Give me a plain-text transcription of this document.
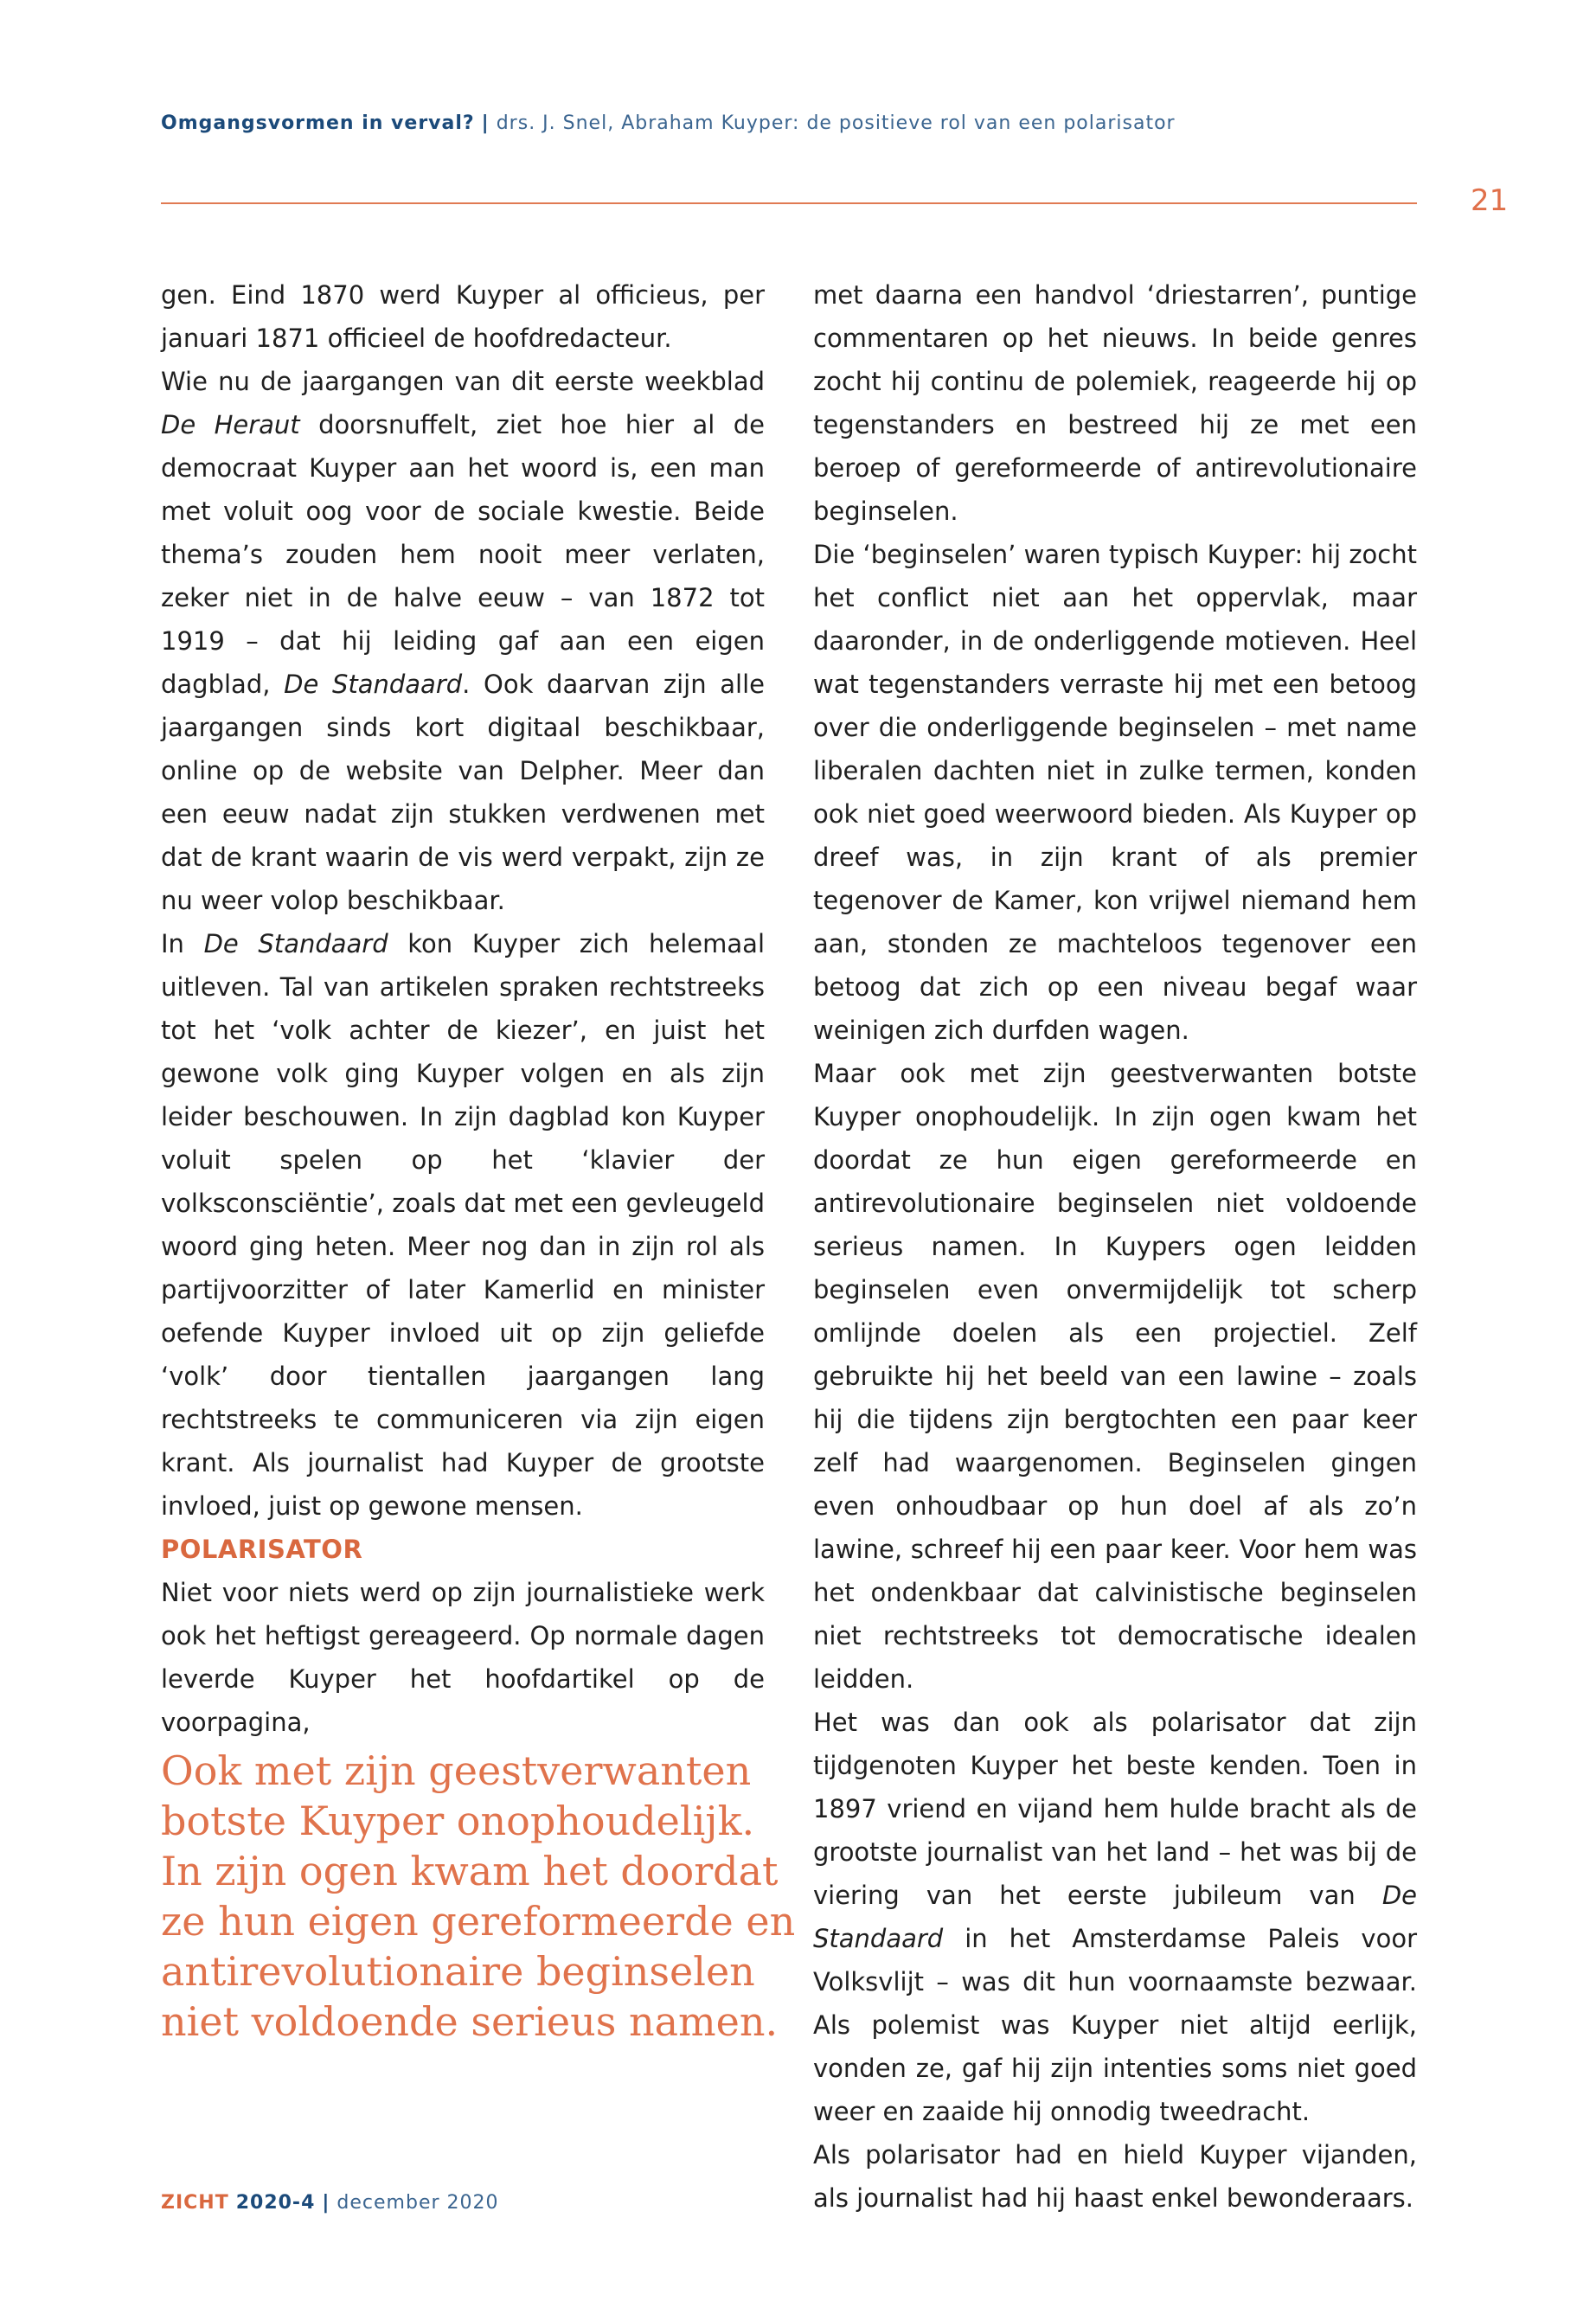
Omgangsvormen in verval? | drs. J. Snel, Abraham Kuyper: de positieve rol van een polarisator
21

gen. Eind 1870 werd Kuyper al officieus, per januari 1871 officieel de hoofdredacteur.

Wie nu de jaargangen van dit eerste weekblad De Heraut doorsnuffelt, ziet hoe hier al de democraat Kuyper aan het woord is, een man met voluit oog voor de sociale kwestie. Beide thema’s zouden hem nooit meer verlaten, zeker niet in de halve eeuw – van 1872 tot 1919 – dat hij leiding gaf aan een eigen dagblad, De Standaard. Ook daarvan zijn alle jaargangen sinds kort digitaal beschikbaar, online op de website van Delpher. Meer dan een eeuw nadat zijn stukken verdwenen met dat de krant waarin de vis werd verpakt, zijn ze nu weer volop beschikbaar.

In De Standaard kon Kuyper zich helemaal uitleven. Tal van artikelen spraken rechtstreeks tot het ‘volk achter de kiezer’, en juist het gewone volk ging Kuyper volgen en als zijn leider beschouwen. In zijn dagblad kon Kuyper voluit spelen op het ‘klavier der volksconsciëntie’, zoals dat met een gevleugeld woord ging heten. Meer nog dan in zijn rol als partijvoorzitter of later Kamerlid en minister oefende Kuyper invloed uit op zijn geliefde ‘volk’ door tientallen jaargangen lang rechtstreeks te communiceren via zijn eigen krant. Als journalist had Kuyper de grootste invloed, juist op gewone mensen.

POLARISATOR

Niet voor niets werd op zijn journalistieke werk ook het heftigst gereageerd. Op normale dagen leverde Kuyper het hoofdartikel op de voorpagina,

Ook met zijn geestverwanten
botste Kuyper onophoudelijk.
In zijn ogen kwam het doordat
ze hun eigen gereformeerde en
antirevolutionaire beginselen
niet voldoende serieus namen.

met daarna een handvol ‘driestarren’, puntige commentaren op het nieuws. In beide genres zocht hij continu de polemiek, reageerde hij op tegenstanders en bestreed hij ze met een beroep of gereformeerde of antirevolutionaire beginselen.

Die ‘beginselen’ waren typisch Kuyper: hij zocht het conflict niet aan het oppervlak, maar daaronder, in de onderliggende motieven. Heel wat tegenstanders verraste hij met een betoog over die onderliggende beginselen – met name liberalen dachten niet in zulke termen, konden ook niet goed weerwoord bieden. Als Kuyper op dreef was, in zijn krant of als premier tegenover de Kamer, kon vrijwel niemand hem aan, stonden ze machteloos tegenover een betoog dat zich op een niveau begaf waar weinigen zich durfden wagen.

Maar ook met zijn geestverwanten botste Kuyper onophoudelijk. In zijn ogen kwam het doordat ze hun eigen gereformeerde en antirevolutionaire beginselen niet voldoende serieus namen. In Kuypers ogen leidden beginselen even onvermijdelijk tot scherp omlijnde doelen als een projectiel. Zelf gebruikte hij het beeld van een lawine – zoals hij die tijdens zijn bergtochten een paar keer zelf had waargenomen. Beginselen gingen even onhoudbaar op hun doel af als zo’n lawine, schreef hij een paar keer. Voor hem was het ondenkbaar dat calvinistische beginselen niet rechtstreeks tot democratische idealen leidden.

Het was dan ook als polarisator dat zijn tijdgenoten Kuyper het beste kenden. Toen in 1897 vriend en vijand hem hulde bracht als de grootste journalist van het land – het was bij de viering van het eerste jubileum van De Standaard in het Amsterdamse Paleis voor Volksvlijt – was dit hun voornaamste bezwaar. Als polemist was Kuyper niet altijd eerlijk, vonden ze, gaf hij zijn intenties soms niet goed weer en zaaide hij onnodig tweedracht.

Als polarisator had en hield Kuyper vijanden, als journalist had hij haast enkel bewonderaars.

ZICHT 2020-4 | december 2020
